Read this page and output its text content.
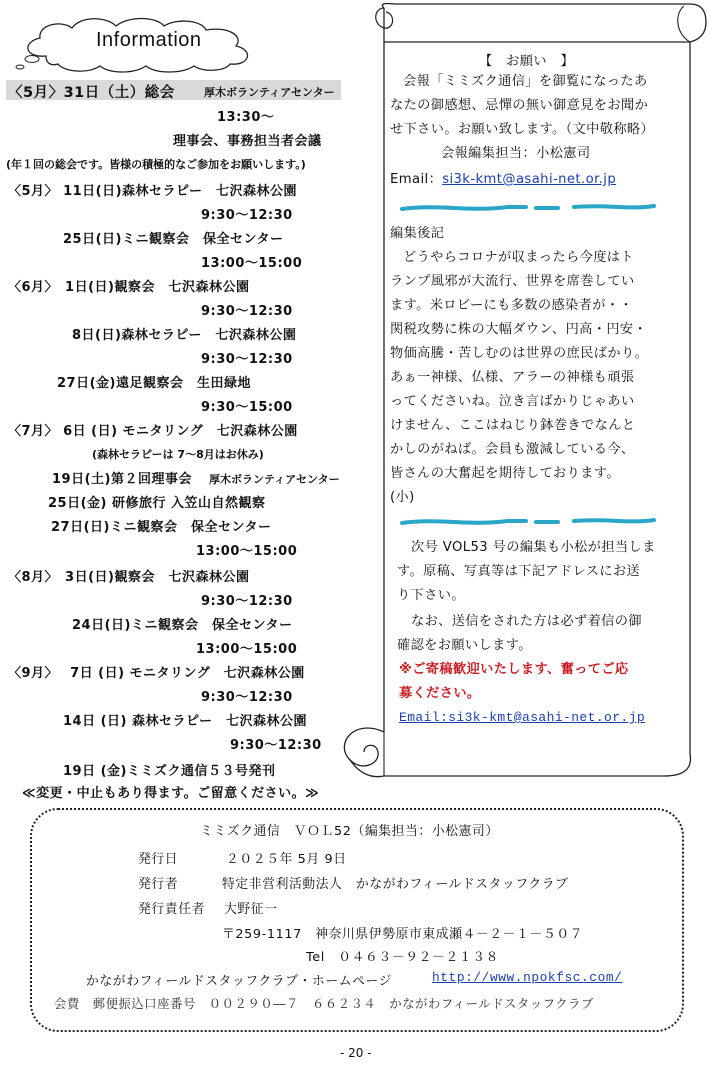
Information
〈5月〉31日（土）総会	厚木ボランティアセンター
13:30〜
理事会、事務担当者会議
(年１回の総会です。皆様の積極的なご参加をお願いします。)
〈5月〉 11日(日)森林セラピー　七沢森林公園
9:30〜12:30
25日(日)ミニ観察会　保全センター
13:00〜15:00
〈6月〉　1日(日)観察会　七沢森林公園
9:30〜12:30
8日(日)森林セラピー　七沢森林公園
9:30〜12:30
27日(金)遠足観察会　生田緑地
9:30〜15:00
〈7月〉 6日 (日) モニタリング　七沢森林公園
(森林セラピーは 7〜8月はお休み)
19日(土)第２回理事会 厚木ボランティアセンター
25日(金) 研修旅行 入笠山自然観察
27日(日)ミニ観察会　保全センター
13:00〜15:00
〈8月〉　3日(日)観察会　七沢森林公園
9:30〜12:30
24日(日)ミニ観察会　保全センター
13:00〜15:00
〈9月〉　 7日 (日) モニタリング　七沢森林公園
9:30〜12:30
14日 (日) 森林セラピー　七沢森林公園
9:30〜12:30
19日 (金)ミミズク通信５３号発刊
≪変更・中止もあり得ます。ご留意ください。≫
【　お願い　】
会報「ミミズク通信」を御覧になったあ
なたの御感想、忌憚の無い御意見をお聞か
せ下さい。お願い致します。（文中敬称略）
会報編集担当：小松憲司
Email：si3k-kmt@asahi-net.or.jp
編集後記
どうやらコロナが収まったら今度はト
ランプ風邪が大流行、世界を席巻してい
ます。米ロビーにも多数の感染者が・・
関税攻勢に株の大幅ダウン、円高・円安・
物価高騰・苦しむのは世界の庶民ばかり。
あぁ一神様、仏様、アラーの神様も頑張
ってくださいね。泣き言ばかりじゃあい
けません、ここはねじり鉢巻きでなんと
かしのがねば。会員も激減している今、
皆さんの大奮起を期待しております。
(小)
次号 VOL53 号の編集も小松が担当しま
す。原稿、写真等は下記アドレスにお送
り下さい。
なお、送信をされた方は必ず着信の御
確認をお願いします。
※ご寄稿歓迎いたします、奮ってご応
募ください。
Email:si3k-kmt@asahi-net.or.jp
ミミズク通信　ＶＯＬ52（編集担当：小松憲司）
発行日	２０２５年 5月 9日
発行者	特定非営利活動法人　かながわフィールドスタッフクラブ
発行責任者 大野征一
〒259-1117　神奈川県伊勢原市東成瀬４－２－１－５０７
Tel　０４６３－９２－２１３８
かながわフィールドスタッフクラブ・ホームページ	http://www.npokfsc.com/
会費　郵便振込口座番号　００２９０―７　６６２３４　かながわフィールドスタッフクラブ
- 20 -
